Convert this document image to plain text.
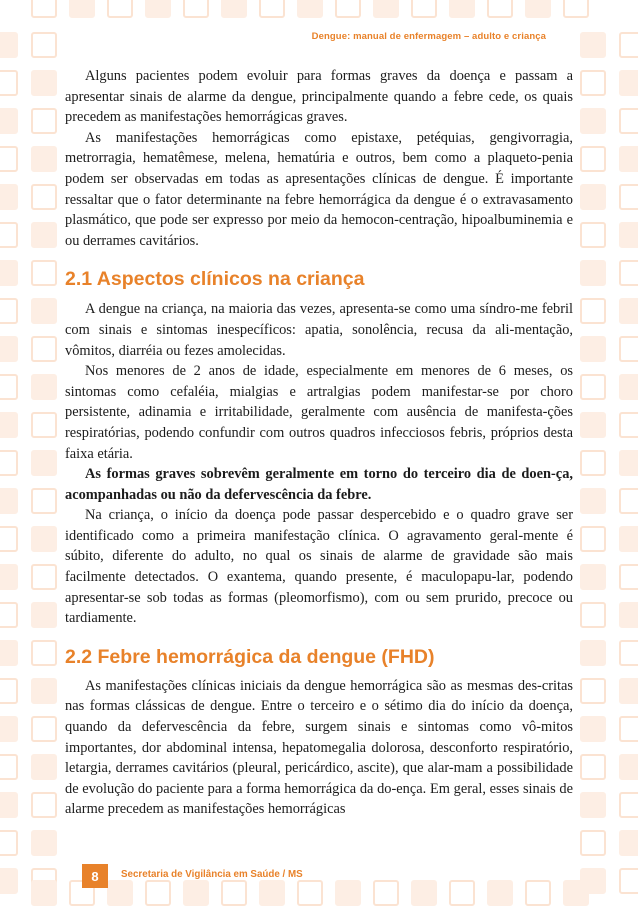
Dengue: manual de enfermagem – adulto e criança

Alguns pacientes podem evoluir para formas graves da doença e passam a apresentar sinais de alarme da dengue, principalmente quando a febre cede, os quais precedem as manifestações hemorrágicas graves.

As manifestações hemorrágicas como epistaxe, petéquias, gengivorragia, metrorragia, hematêmese, melena, hematúria e outros, bem como a plaqueto-penia podem ser observadas em todas as apresentações clínicas de dengue. É importante ressaltar que o fator determinante na febre hemorrágica da dengue é o extravasamento plasmático, que pode ser expresso por meio da hemocon-centração, hipoalbuminemia e ou derrames cavitários.

2.1 Aspectos clínicos na criança

A dengue na criança, na maioria das vezes, apresenta-se como uma síndro-me febril com sinais e sintomas inespecíficos: apatia, sonolência, recusa da ali-mentação, vômitos, diarréia ou fezes amolecidas.

Nos menores de 2 anos de idade, especialmente em menores de 6 meses, os sintomas como cefaléia, mialgias e artralgias podem manifestar-se por choro persistente, adinamia e irritabilidade, geralmente com ausência de manifesta-ções respiratórias, podendo confundir com outros quadros infecciosos febris, próprios desta faixa etária.

As formas graves sobrevêm geralmente em torno do terceiro dia de doen-ça, acompanhadas ou não da defervescência da febre.

Na criança, o início da doença pode passar despercebido e o quadro grave ser identificado como a primeira manifestação clínica. O agravamento geral-mente é súbito, diferente do adulto, no qual os sinais de alarme de gravidade são mais facilmente detectados. O exantema, quando presente, é maculopapu-lar, podendo apresentar-se sob todas as formas (pleomorfismo), com ou sem prurido, precoce ou tardiamente.

2.2 Febre hemorrágica da dengue (FHD)

As manifestações clínicas iniciais da dengue hemorrágica são as mesmas des-critas nas formas clássicas de dengue. Entre o terceiro e o sétimo dia do início da doença, quando da defervescência da febre, surgem sinais e sintomas como vô-mitos importantes, dor abdominal intensa, hepatomegalia dolorosa, desconforto respiratório, letargia, derrames cavitários (pleural, pericárdico, ascite), que alar-mam a possibilidade de evolução do paciente para a forma hemorrágica da do-ença. Em geral, esses sinais de alarme precedem as manifestações hemorrágicas

8	Secretaria de Vigilância em Saúde / MS
